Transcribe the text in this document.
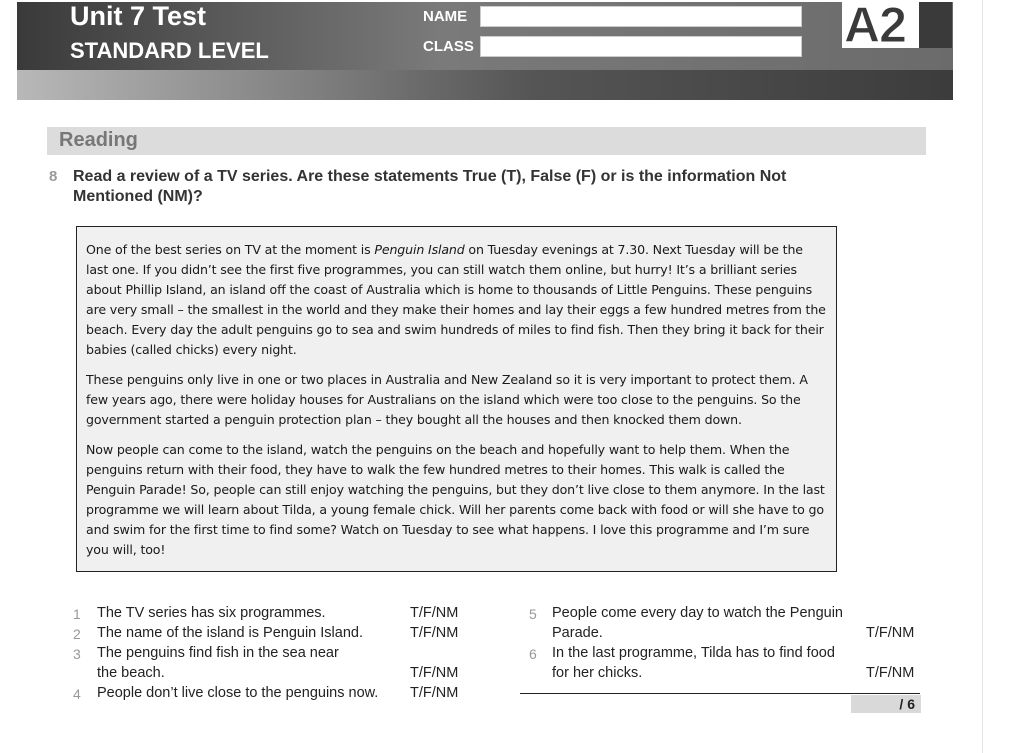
Unit 7 Test
STANDARD LEVEL
NAME
CLASS	A2
Reading
8 Read a review of a TV series. Are these statements True (T), False (F) or is the information Not Mentioned (NM)?

One of the best series on TV at the moment is Penguin Island on Tuesday evenings at 7.30. Next Tuesday will be the last one. If you didn’t see the first five programmes, you can still watch them online, but hurry! It’s a brilliant series about Phillip Island, an island off the coast of Australia which is home to thousands of Little Penguins. These penguins are very small – the smallest in the world and they make their homes and lay their eggs a few hundred metres from the beach. Every day the adult penguins go to sea and swim hundreds of miles to find fish. Then they bring it back for their babies (called chicks) every night.

These penguins only live in one or two places in Australia and New Zealand so it is very important to protect them. A few years ago, there were holiday houses for Australians on the island which were too close to the penguins. So the government started a penguin protection plan – they bought all the houses and then knocked them down.

Now people can come to the island, watch the penguins on the beach and hopefully want to help them. When the penguins return with their food, they have to walk the few hundred metres to their homes. This walk is called the Penguin Parade! So, people can still enjoy watching the penguins, but they don’t live close to them anymore. In the last programme we will learn about Tilda, a young female chick. Will her parents come back with food or will she have to go and swim for the first time to find some? Watch on Tuesday to see what happens. I love this programme and I’m sure you will, too!

1 The TV series has six programmes.	T/F/NM
2 The name of the island is Penguin Island.	T/F/NM
3 The penguins find fish in the sea near
the beach.	T/F/NM
4 People don’t live close to the penguins now. T/F/NM
5 People come every day to watch the Penguin
Parade.	T/F/NM
6 In the last programme, Tilda has to find food
for her chicks.	T/F/NM
/ 6
